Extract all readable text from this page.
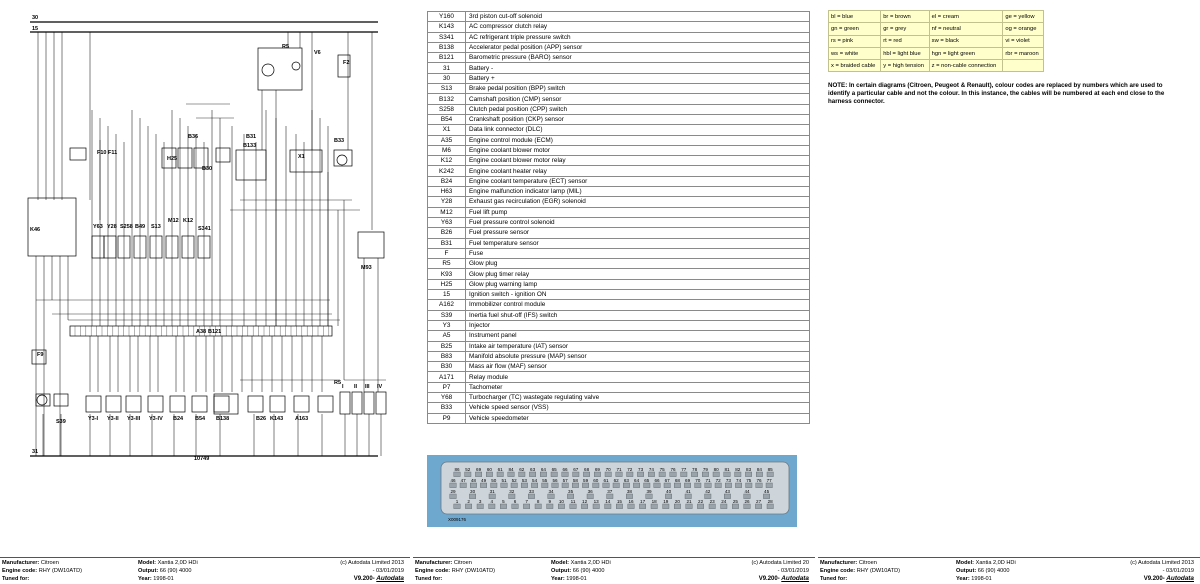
30
15
31
R5
V6
F2
F10 F11
K46
H25
B36	B31
B30
B133
X1
B33
Y63 Y28 S258 B49 S13
M12 K12
S341
M93
A38 B121
F9
S39	Y3-I Y3-II Y3-III Y3-IV B24 B54 B138	B26 K143 A163
R5
I II III IV
10749
Y160	3rd piston cut-off solenoid
K143	AC compressor clutch relay
S341	AC refrigerant triple pressure switch
B138	Accelerator pedal position (APP) sensor
B121	Barometric pressure (BARO) sensor
31	Battery -
30	Battery +
S13	Brake pedal position (BPP) switch
B132	Camshaft position (CMP) sensor
S258	Clutch pedal position (CPP) switch
B54	Crankshaft position (CKP) sensor
X1	Data link connector (DLC)
A35	Engine control module (ECM)
M6	Engine coolant blower motor
K12	Engine coolant blower motor relay
K242	Engine coolant heater relay
B24	Engine coolant temperature (ECT) sensor
H63	Engine malfunction indicator lamp (MIL)
Y28	Exhaust gas recirculation (EGR) solenoid
M12	Fuel lift pump
Y63	Fuel pressure control solenoid
B26	Fuel pressure sensor
B31	Fuel temperature sensor
F	Fuse
R5	Glow plug
K93	Glow plug timer relay
H25	Glow plug warning lamp
15	Ignition switch - ignition ON
A162	Immobilizer control module
S39	Inertia fuel shut-off (IFS) switch
Y3	Injector
A5	Instrument panel
B25	Intake air temperature (IAT) sensor
B83	Manifold absolute pressure (MAP) sensor
B30	Mass air flow (MAF) sensor
A171	Relay module
P7	Tachometer
Y68	Turbocharger (TC) wastegate regulating valve
B33	Vehicle speed sensor (VSS)
P9	Vehicle speedometer
bl = blue	br = brown	el = cream	ge = yellow
gn = green	gr = grey	nf = neutral	og = orange
rs = pink	rt = red	sw = black	vi = violet
ws = white	hbl = light blue	hgn = light green	rbr = maroon
x = braided cable	y = high tension	z = non-cable connection	
NOTE: In certain diagrams (Citroen, Peugeot & Renault), colour codes are replaced by numbers which are used to identify a particular cable and not the colour. In this instance, the cables will be numbered at each end close to the harness connector.
86 52 69 60 61 84 62 63 64 65 66 67 68 69 70 71 72 73 74 75 76 77 78 79 80 81 82 83 84 85
46 47 48 49 50 51 52 53 54 55 56 57 58 59 60 61 62 63 64 65 66 67 68 69 70 71 72 73 74 75 76 77
29	30	31	32	33	34	35	36	37	38	39	40	41	42	43	44	45
1 2 3 4 5 6 7 8 9 10 11 12 13 14 15 16 17 18 19 20 21 22 23 24 25 26 27 28
X009176
Manufacturer: Citroen	Model: Xantia 2,0D HDi	(c) Autodata Limited 2013
Engine code: RHY (DW10ATD)	Output: 66 (90) 4000	- 03/01/2019
Tuned for:	Year: 1998-01	V9.200- Autodata
Manufacturer: Citroen	Model: Xantia 2,0D HDi	(c) Autodata Limited 20
Engine code: RHY (DW10ATD)	Output: 66 (90) 4000	- 03/01/2019
Tuned for:	Year: 1998-01	V9.200- Autodata
Manufacturer: Citroen	Model: Xantia 2,0D HDi	(c) Autodata Limited 2013
Engine code: RHY (DW10ATD)	Output: 66 (90) 4000	- 03/01/2019
Tuned for:	Year: 1998-01	V9.200- Autodata
